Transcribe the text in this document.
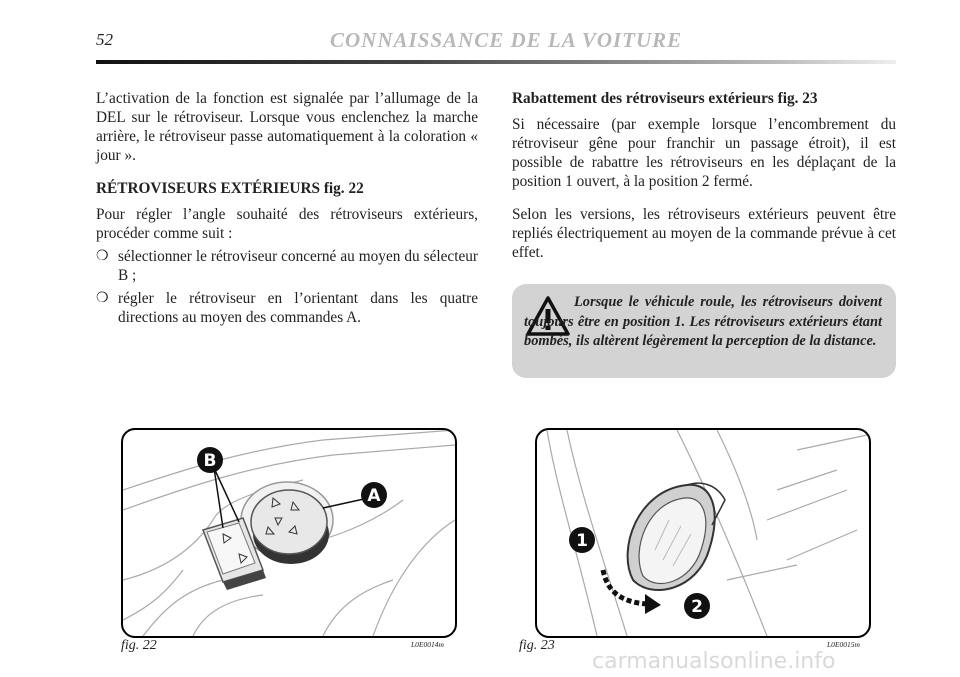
52	CONNAISSANCE DE LA VOITURE

L’activation de la fonction est signalée par l’allumage de la DEL sur le rétroviseur. Lorsque vous enclenchez la marche arrière, le rétroviseur passe automatiquement à la coloration « jour ».

RÉTROVISEURS EXTÉRIEURS fig. 22

Pour régler l’angle souhaité des rétroviseurs extérieurs, procéder comme suit :

❍ sélectionner le rétroviseur concerné au moyen du sélecteur B ;
❍ régler le rétroviseur en l’orientant dans les quatre directions au moyen des commandes A.
Rabattement des rétroviseurs extérieurs fig. 23

Si nécessaire (par exemple lorsque l’encombrement du rétroviseur gêne pour franchir un passage étroit), il est possible de rabattre les rétroviseurs en les déplaçant de la position 1 ouvert, à la position 2 fermé.

Selon les versions, les rétroviseurs extérieurs peuvent être repliés électriquement au moyen de la commande prévue à cet effet.

Lorsque le véhicule roule, les rétroviseurs doivent toujours être en position 1. Les rétroviseurs extérieurs étant bombés, ils altèrent légèrement la perception de la distance.
B
A
fig. 22	L0E0014m
1
2
fig. 23	L0E0015m
carmanualsonline.info
